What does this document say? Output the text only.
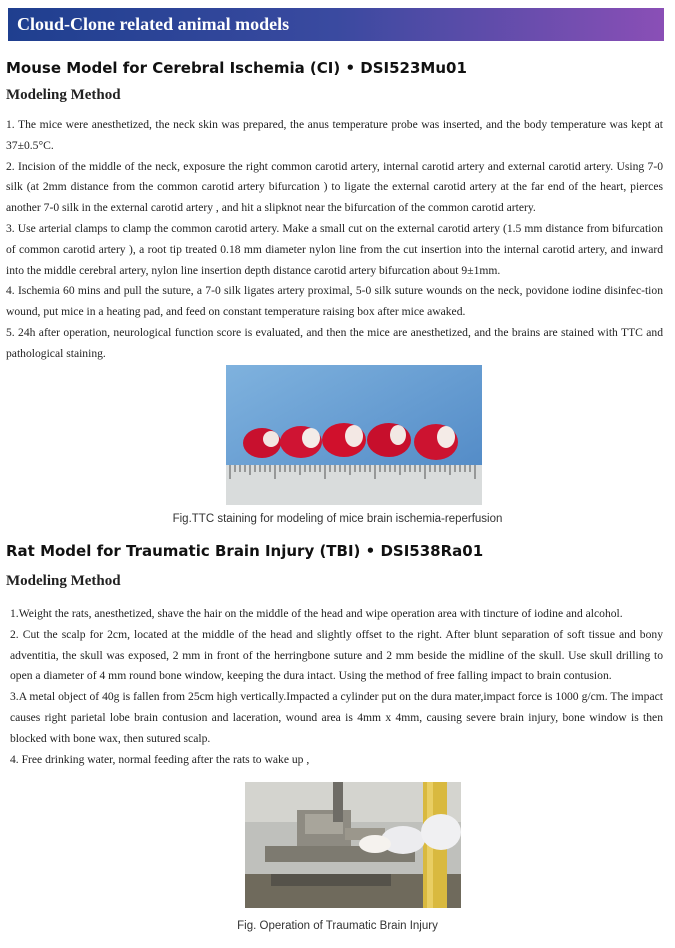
Cloud-Clone related animal models
Mouse Model for Cerebral Ischemia (CI) • DSI523Mu01
Modeling Method

1. The mice were anesthetized, the neck skin was prepared, the anus temperature probe was inserted, and the body temperature was kept at 37±0.5°C.

2. Incision of the middle of the neck, exposure the right common carotid artery, internal carotid artery and external carotid artery. Using 7-0 silk (at 2mm distance from the common carotid artery bifurcation ) to ligate the external carotid artery at the far end of the heart, pierces another 7-0 silk in the external carotid artery , and hit a slipknot near the bifurcation of the common carotid artery.

3. Use arterial clamps to clamp the common carotid artery. Make a small cut on the external carotid artery (1.5 mm distance from bifurcation of common carotid artery ), a root tip treated 0.18 mm diameter nylon line from the cut insertion into the internal carotid artery, and inward into the middle cerebral artery, nylon line insertion depth distance carotid artery bifurcation about 9±1mm.

4. Ischemia 60 mins and pull the suture, a 7-0 silk ligates artery proximal, 5-0 silk suture wounds on the neck, povidone iodine disinfec-tion wound, put mice in a heating pad, and feed on constant temperature raising box after mice awaked.

5. 24h after operation, neurological function score is evaluated, and then the mice are anesthetized, and the brains are stained with TTC and pathological staining.

Fig.TTC staining for modeling of mice brain ischemia-reperfusion
Rat Model for Traumatic Brain Injury (TBI) • DSI538Ra01
Modeling Method

1.Weight the rats, anesthetized, shave the hair on the middle of the head and wipe operation area with tincture of iodine and alcohol.

2. Cut the scalp for 2cm, located at the middle of the head and slightly offset to the right. After blunt separation of soft tissue and bony adventitia, the skull was exposed, 2 mm in front of the herringbone suture and 2 mm beside the midline of the skull. Use skull drilling to open a diameter of 4 mm round bone window, keeping the dura intact. Using the method of free falling impact to brain contusion.

3.A metal object of 40g is fallen from 25cm high vertically.Impacted a cylinder put on the dura mater,impact force is 1000 g/cm. The impact causes right parietal lobe brain contusion and laceration, wound area is 4mm x 4mm, causing severe brain injury, bone window is then blocked with bone wax, then sutured scalp.

4. Free drinking water, normal feeding after the rats to wake up ,

Fig. Operation of Traumatic Brain Injury
